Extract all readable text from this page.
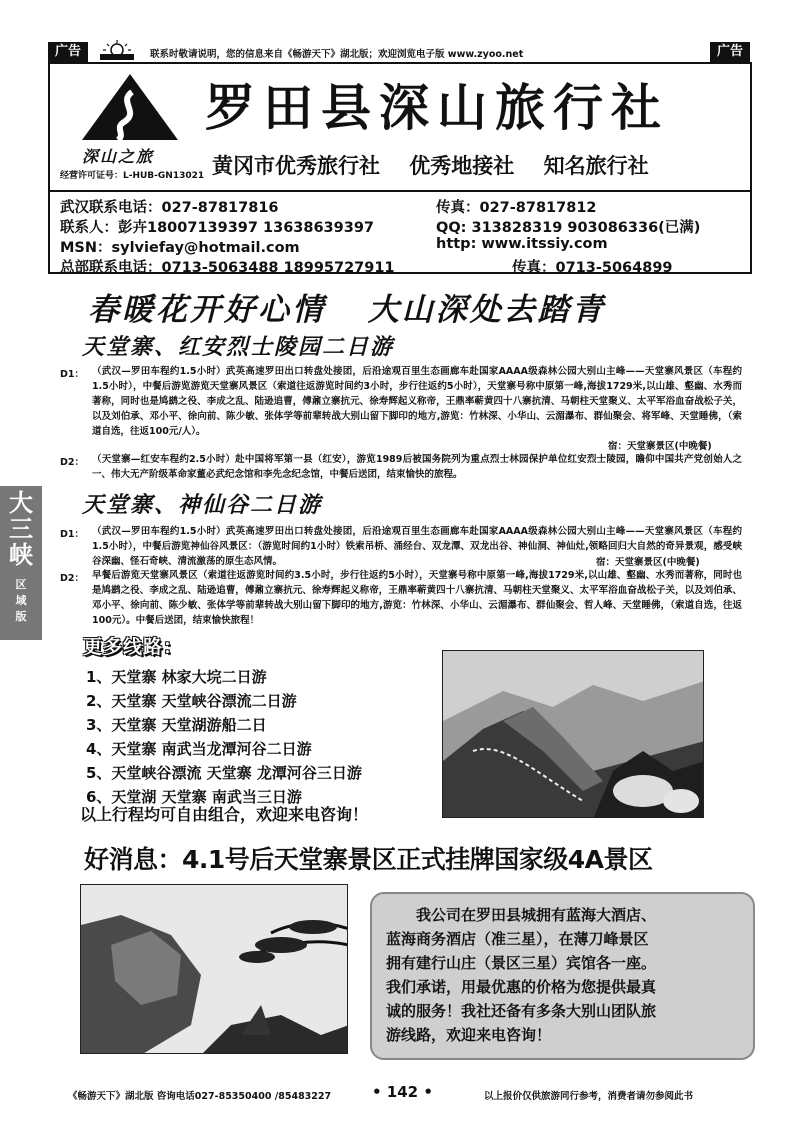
广告	联系时敬请说明，您的信息来自《畅游天下》湖北版；欢迎浏览电子版 www.zyoo.net	广告
深山之旅
经营许可证号：L-HUB-GN13021
罗田县深山旅行社
黄冈市优秀旅行社 优秀地接社 知名旅行社
武汉联系电话：027-87817816	传真：027-87817812
联系人：彭卉18007139397 13638639397	QQ: 313828319 903086336(已满)
MSN：sylviefay@hotmail.com	http: www.itssiy.com
总部联系电话：0713-5063488 18995727911	传真：0713-5064899
春暖花开好心情 大山深处去踏青
天堂寨、红安烈士陵园二日游
D1： （武汉—罗田车程约1.5小时）武英高速罗田出口转盘处接团，后沿途观百里生态画廊车赴国家AAAA级森林公园大别山主峰——天堂寨风景区（车程约1.5小时），中餐后游览游览天堂寨风景区（索道往返游览时间约3小时，步行往返约5小时），天堂寨号称中原第一峰,海拔1729米,以山雄、壑幽、水秀而著称，同时也是鸠鹚之役、李成之乱、陆逊追曹，傅鼐立寨抗元、徐寿辉起义称帝，王鼎率蕲黄四十八寨抗清、马朝柱天堂聚义、太平军浴血奋战松子关，以及刘伯承、邓小平、徐向前、陈少敏、张体学等前辈转战大别山留下脚印的地方,游览：竹林深、小华山、云湄瀑布、群仙聚会、将军峰、天堂睡佛，（索道自选，往返100元/人）。
宿：天堂寨景区(中晚餐)
D2： （天堂寨—红安车程约2.5小时）赴中国将军第一县（红安），游览1989后被国务院列为重点烈士林园保护单位红安烈士陵园，瞻仰中国共产党创始人之一、伟大无产阶级革命家董必武纪念馆和李先念纪念馆，中餐后送团，结束愉快的旅程。
大
三
峡
区
域
版
天堂寨、神仙谷二日游
D1： （武汉—罗田车程约1.5小时）武英高速罗田出口转盘处接团，后沿途观百里生态画廊车赴国家AAAA级森林公园大别山主峰——天堂寨风景区（车程约1.5小时），中餐后游览神仙谷风景区：（游览时间约1小时）铁索吊桥、涌经台、双龙潭、双龙出谷、神仙洞、神仙灶,领略回归大自然的奇异景观，感受峡谷深幽、怪石奇峡、清流激荡的原生态风情。	宿：天堂寨景区(中晚餐)
D2： 早餐后游览天堂寨风景区（索道往返游览时间约3.5小时，步行往返约5小时），天堂寨号称中原第一峰,海拔1729米,以山雄、壑幽、水秀而著称，同时也是鸠鹚之役、李成之乱、陆逊追曹，傅鼐立寨抗元、徐寿辉起义称帝，王鼎率蕲黄四十八寨抗清、马朝柱天堂聚义、太平军浴血奋战松子关，以及刘伯承、邓小平、徐向前、陈少敏、张体学等前辈转战大别山留下脚印的地方,游览：竹林深、小华山、云湄瀑布、群仙聚会、哲人峰、天堂睡佛，（索道自选，往返100元）。中餐后送团，结束愉快旅程！
更多线路：
1、天堂寨 林家大垸二日游
2、天堂寨 天堂峡谷漂流二日游
3、天堂寨 天堂湖游船二日
4、天堂寨 南武当龙潭河谷二日游
5、天堂峡谷漂流 天堂寨 龙潭河谷三日游
6、天堂湖 天堂寨 南武当三日游
以上行程均可自由组合，欢迎来电咨询！
好消息：4.1号后天堂寨景区正式挂牌国家级4A景区
我公司在罗田县城拥有蓝海大酒店、
蓝海商务酒店（准三星），在薄刀峰景区
拥有建行山庄（景区三星）宾馆各一座。
我们承诺，用最优惠的价格为您提供最真
诚的服务！我社还备有多条大别山团队旅
游线路，欢迎来电咨询！
《畅游天下》湖北版 咨询电话027-85350400 /85483227	• 142 •	以上报价仅供旅游同行参考，消费者请勿参阅此书
